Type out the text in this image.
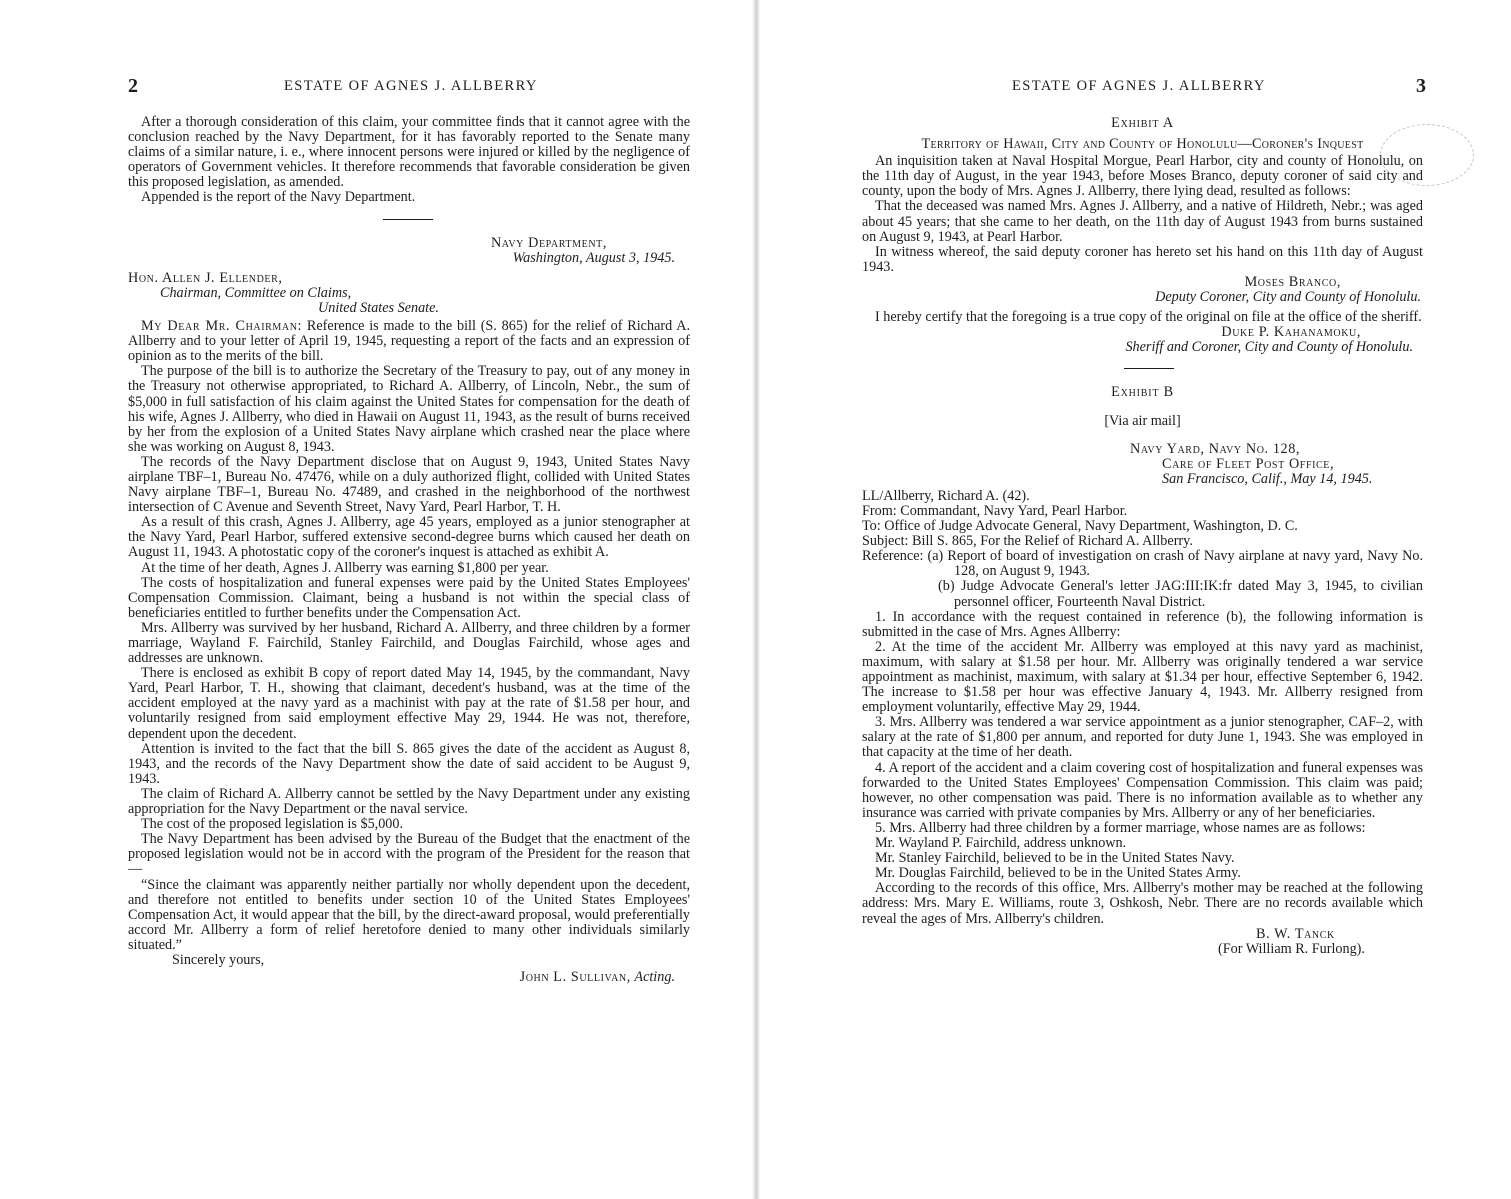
2	ESTATE OF AGNES J. ALLBERRY

After a thorough consideration of this claim, your committee finds that it cannot agree with the conclusion reached by the Navy Department, for it has favorably reported to the Senate many claims of a similar nature, i. e., where innocent persons were injured or killed by the negligence of operators of Government vehicles. It therefore recommends that favorable consideration be given this proposed legislation, as amended.

Appended is the report of the Navy Department.

Navy Department,
Washington, August 3, 1945.
Hon. Allen J. Ellender,
Chairman, Committee on Claims,
United States Senate.

My Dear Mr. Chairman: Reference is made to the bill (S. 865) for the relief of Richard A. Allberry and to your letter of April 19, 1945, requesting a report of the facts and an expression of opinion as to the merits of the bill.

The purpose of the bill is to authorize the Secretary of the Treasury to pay, out of any money in the Treasury not otherwise appropriated, to Richard A. Allberry, of Lincoln, Nebr., the sum of $5,000 in full satisfaction of his claim against the United States for compensation for the death of his wife, Agnes J. Allberry, who died in Hawaii on August 11, 1943, as the result of burns received by her from the explosion of a United States Navy airplane which crashed near the place where she was working on August 8, 1943.

The records of the Navy Department disclose that on August 9, 1943, United States Navy airplane TBF–1, Bureau No. 47476, while on a duly authorized flight, collided with United States Navy airplane TBF–1, Bureau No. 47489, and crashed in the neighborhood of the northwest intersection of C Avenue and Seventh Street, Navy Yard, Pearl Harbor, T. H.

As a result of this crash, Agnes J. Allberry, age 45 years, employed as a junior stenographer at the Navy Yard, Pearl Harbor, suffered extensive second-degree burns which caused her death on August 11, 1943. A photostatic copy of the coroner's inquest is attached as exhibit A.

At the time of her death, Agnes J. Allberry was earning $1,800 per year.

The costs of hospitalization and funeral expenses were paid by the United States Employees' Compensation Commission. Claimant, being a husband is not within the special class of beneficiaries entitled to further benefits under the Compensation Act.

Mrs. Allberry was survived by her husband, Richard A. Allberry, and three children by a former marriage, Wayland F. Fairchild, Stanley Fairchild, and Douglas Fairchild, whose ages and addresses are unknown.

There is enclosed as exhibit B copy of report dated May 14, 1945, by the commandant, Navy Yard, Pearl Harbor, T. H., showing that claimant, decedent's husband, was at the time of the accident employed at the navy yard as a machinist with pay at the rate of $1.58 per hour, and voluntarily resigned from said employment effective May 29, 1944. He was not, therefore, dependent upon the decedent.

Attention is invited to the fact that the bill S. 865 gives the date of the accident as August 8, 1943, and the records of the Navy Department show the date of said accident to be August 9, 1943.

The claim of Richard A. Allberry cannot be settled by the Navy Department under any existing appropriation for the Navy Department or the naval service.

The cost of the proposed legislation is $5,000.

The Navy Department has been advised by the Bureau of the Budget that the enactment of the proposed legislation would not be in accord with the program of the President for the reason that—

“Since the claimant was apparently neither partially nor wholly dependent upon the decedent, and therefore not entitled to benefits under section 10 of the United States Employees' Compensation Act, it would appear that the bill, by the direct-award proposal, would preferentially accord Mr. Allberry a form of relief heretofore denied to many other individuals similarly situated.”

Sincerely yours,
John L. Sullivan, Acting.
ESTATE OF AGNES J. ALLBERRY	3
Exhibit A
Territory of Hawaii, City and County of Honolulu—Coroner's Inquest

An inquisition taken at Naval Hospital Morgue, Pearl Harbor, city and county of Honolulu, on the 11th day of August, in the year 1943, before Moses Branco, deputy coroner of said city and county, upon the body of Mrs. Agnes J. Allberry, there lying dead, resulted as follows:

That the deceased was named Mrs. Agnes J. Allberry, and a native of Hildreth, Nebr.; was aged about 45 years; that she came to her death, on the 11th day of August 1943 from burns sustained on August 9, 1943, at Pearl Harbor.

In witness whereof, the said deputy coroner has hereto set his hand on this 11th day of August 1943.

Moses Branco,
Deputy Coroner, City and County of Honolulu.

I hereby certify that the foregoing is a true copy of the original on file at the office of the sheriff.

Duke P. Kahanamoku,
Sheriff and Coroner, City and County of Honolulu.
Exhibit B
[Via air mail]
Navy Yard, Navy No. 128,
Care of Fleet Post Office,
San Francisco, Calif., May 14, 1945.
LL/Allberry, Richard A. (42).
From: Commandant, Navy Yard, Pearl Harbor.
To: Office of Judge Advocate General, Navy Department, Washington, D. C.
Subject: Bill S. 865, For the Relief of Richard A. Allberry.

Reference: (a) Report of board of investigation on crash of Navy airplane at navy yard, Navy No. 128, on August 9, 1943.

(b) Judge Advocate General's letter JAG:III:IK:fr dated May 3, 1945, to civilian personnel officer, Fourteenth Naval District.

1. In accordance with the request contained in reference (b), the following information is submitted in the case of Mrs. Agnes Allberry:

2. At the time of the accident Mr. Allberry was employed at this navy yard as machinist, maximum, with salary at $1.58 per hour. Mr. Allberry was originally tendered a war service appointment as machinist, maximum, with salary at $1.34 per hour, effective September 6, 1942. The increase to $1.58 per hour was effective January 4, 1943. Mr. Allberry resigned from employment voluntarily, effective May 29, 1944.

3. Mrs. Allberry was tendered a war service appointment as a junior stenographer, CAF–2, with salary at the rate of $1,800 per annum, and reported for duty June 1, 1943. She was employed in that capacity at the time of her death.

4. A report of the accident and a claim covering cost of hospitalization and funeral expenses was forwarded to the United States Employees' Compensation Commission. This claim was paid; however, no other compensation was paid. There is no information available as to whether any insurance was carried with private companies by Mrs. Allberry or any of her beneficiaries.

5. Mrs. Allberry had three children by a former marriage, whose names are as follows:

Mr. Wayland P. Fairchild, address unknown.

Mr. Stanley Fairchild, believed to be in the United States Navy.

Mr. Douglas Fairchild, believed to be in the United States Army.

According to the records of this office, Mrs. Allberry's mother may be reached at the following address: Mrs. Mary E. Williams, route 3, Oshkosh, Nebr. There are no records available which reveal the ages of Mrs. Allberry's children.

B. W. Tanck
(For William R. Furlong).
